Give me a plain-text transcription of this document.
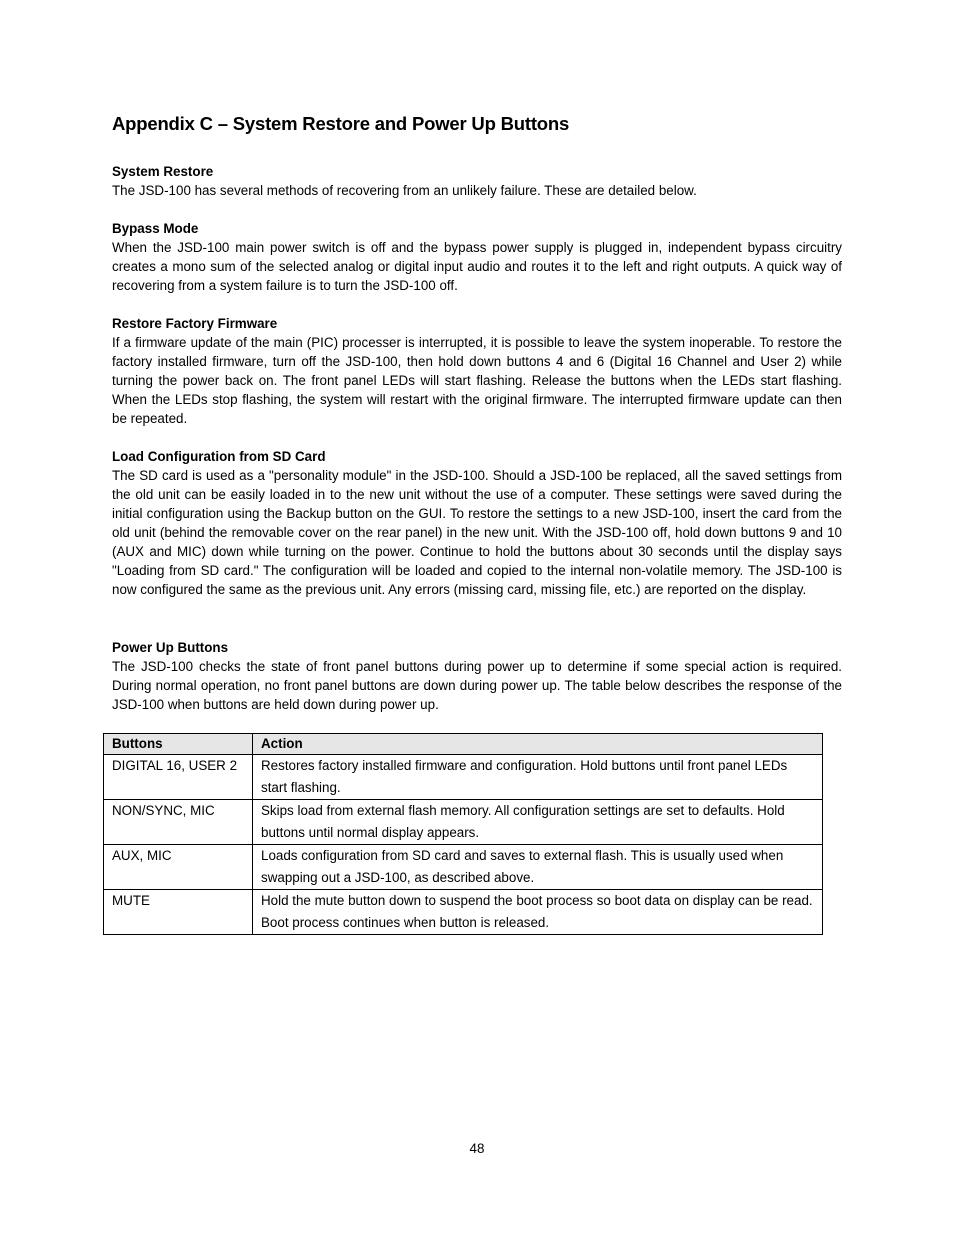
Appendix C – System Restore and Power Up Buttons
System Restore

The JSD-100 has several methods of recovering from an unlikely failure. These are detailed below.

Bypass Mode

When the JSD-100 main power switch is off and the bypass power supply is plugged in, independent bypass circuitry creates a mono sum of the selected analog or digital input audio and routes it to the left and right outputs. A quick way of recovering from a system failure is to turn the JSD-100 off.

Restore Factory Firmware

If a firmware update of the main (PIC) processer is interrupted, it is possible to leave the system inoperable. To restore the factory installed firmware, turn off the JSD-100, then hold down buttons 4 and 6 (Digital 16 Channel and User 2) while turning the power back on. The front panel LEDs will start flashing. Release the buttons when the LEDs start flashing. When the LEDs stop flashing, the system will restart with the original firmware. The interrupted firmware update can then be repeated.

Load Configuration from SD Card

The SD card is used as a "personality module" in the JSD-100. Should a JSD-100 be replaced, all the saved settings from the old unit can be easily loaded in to the new unit without the use of a computer. These settings were saved during the initial configuration using the Backup button on the GUI. To restore the settings to a new JSD-100, insert the card from the old unit (behind the removable cover on the rear panel) in the new unit. With the JSD-100 off, hold down buttons 9 and 10 (AUX and MIC) down while turning on the power. Continue to hold the buttons about 30 seconds until the display says "Loading from SD card." The configuration will be loaded and copied to the internal non-volatile memory. The JSD-100 is now configured the same as the previous unit. Any errors (missing card, missing file, etc.) are reported on the display.

Power Up Buttons

The JSD-100 checks the state of front panel buttons during power up to determine if some special action is required. During normal operation, no front panel buttons are down during power up. The table below describes the response of the JSD-100 when buttons are held down during power up.

Buttons	Action
DIGITAL 16, USER 2	Restores factory installed firmware and configuration. Hold buttons until front panel LEDs start flashing.
NON/SYNC, MIC	Skips load from external flash memory. All configuration settings are set to defaults. Hold buttons until normal display appears.
AUX, MIC	Loads configuration from SD card and saves to external flash. This is usually used when swapping out a JSD-100, as described above.
MUTE	Hold the mute button down to suspend the boot process so boot data on display can be read. Boot process continues when button is released.
48
